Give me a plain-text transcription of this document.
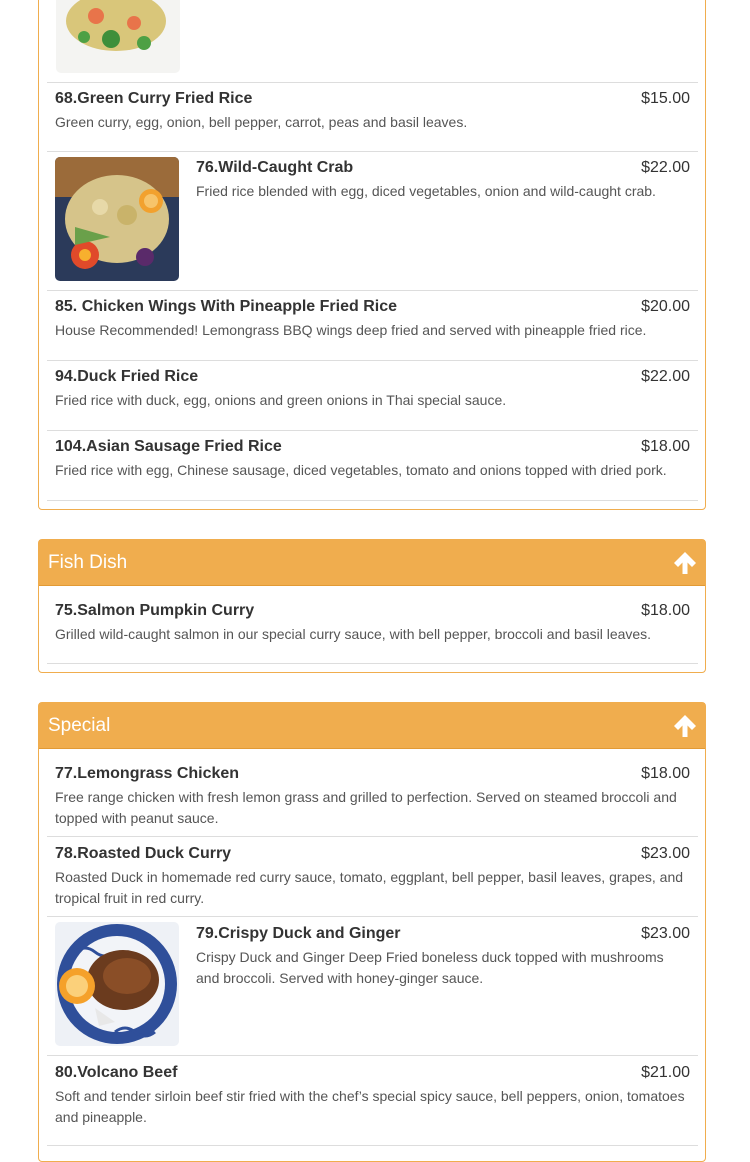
68.Green Curry Fried Rice	$15.00
Green curry, egg, onion, bell pepper, carrot, peas and basil leaves.
76.Wild-Caught Crab	$22.00
Fried rice blended with egg, diced vegetables, onion and wild-caught crab.
85. Chicken Wings With Pineapple Fried Rice	$20.00
House Recommended! Lemongrass BBQ wings deep fried and served with pineapple fried rice.
94.Duck Fried Rice	$22.00
Fried rice with duck, egg, onions and green onions in Thai special sauce.
104.Asian Sausage Fried Rice	$18.00
Fried rice with egg, Chinese sausage, diced vegetables, tomato and onions topped with dried pork.
Fish Dish
75.Salmon Pumpkin Curry	$18.00
Grilled wild-caught salmon in our special curry sauce, with bell pepper, broccoli and basil leaves.
Special
77.Lemongrass Chicken	$18.00
Free range chicken with fresh lemon grass and grilled to perfection. Served on steamed broccoli and topped with peanut sauce.
78.Roasted Duck Curry	$23.00
Roasted Duck in homemade red curry sauce, tomato, eggplant, bell pepper, basil leaves, grapes, and tropical fruit in red curry.
79.Crispy Duck and Ginger	$23.00
Crispy Duck and Ginger Deep Fried boneless duck topped with mushrooms and broccoli. Served with honey-ginger sauce.
80.Volcano Beef	$21.00
Soft and tender sirloin beef stir fried with the chef’s special spicy sauce, bell peppers, onion, tomatoes and pineapple.
